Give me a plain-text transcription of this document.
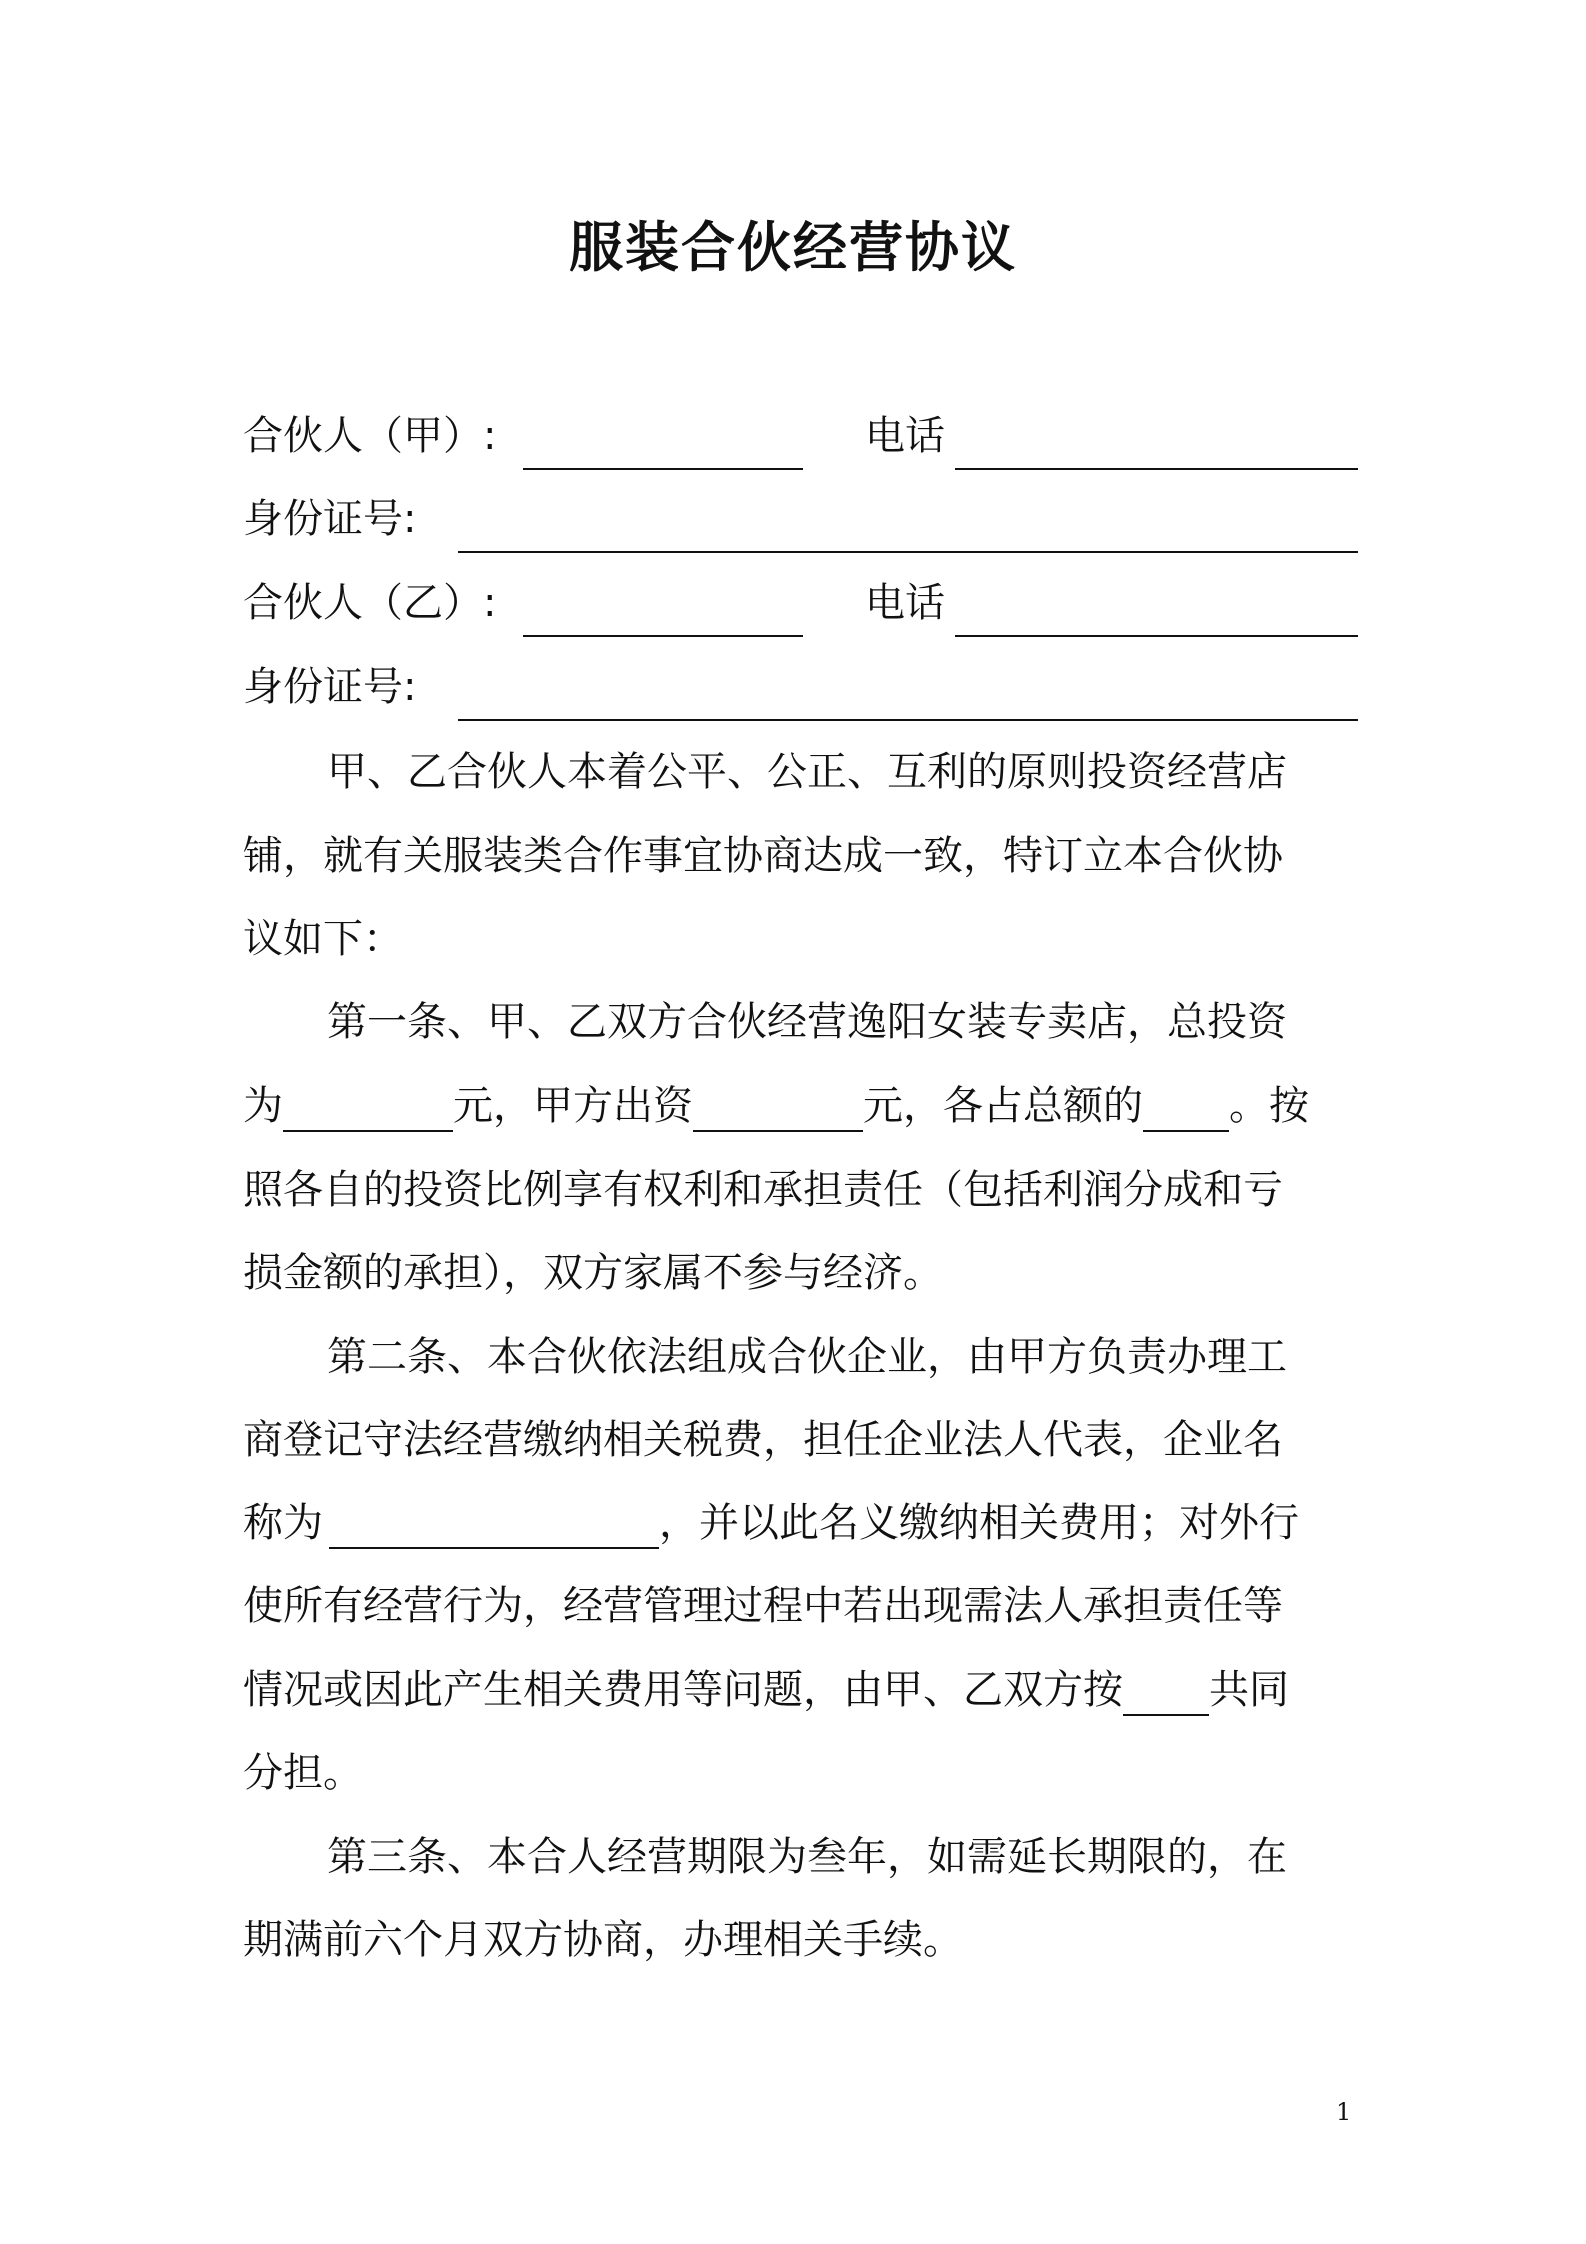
服装合伙经营协议
合伙人（甲）:	电话
身份证号:
合伙人（乙）:	电话
身份证号:
甲、乙合伙人本着公平、公正、互利的原则投资经营店
铺，就有关服装类合作事宜协商达成一致，特订立本合伙协
议如下：
第一条、甲、乙双方合伙经营逸阳女装专卖店，总投资
为	元，甲方出资	元，各占总额的 。按
照各自的投资比例享有权利和承担责任（包括利润分成和亏
损金额的承担），双方家属不参与经济。
第二条、本合伙依法组成合伙企业，由甲方负责办理工
商登记守法经营缴纳相关税费，担任企业法人代表，企业名
称为	，并以此名义缴纳相关费用；对外行
使所有经营行为，经营管理过程中若出现需法人承担责任等
情况或因此产生相关费用等问题，由甲、乙双方按 共同
分担。
第三条、本合人经营期限为叁年，如需延长期限的，在
期满前六个月双方协商，办理相关手续。
1
